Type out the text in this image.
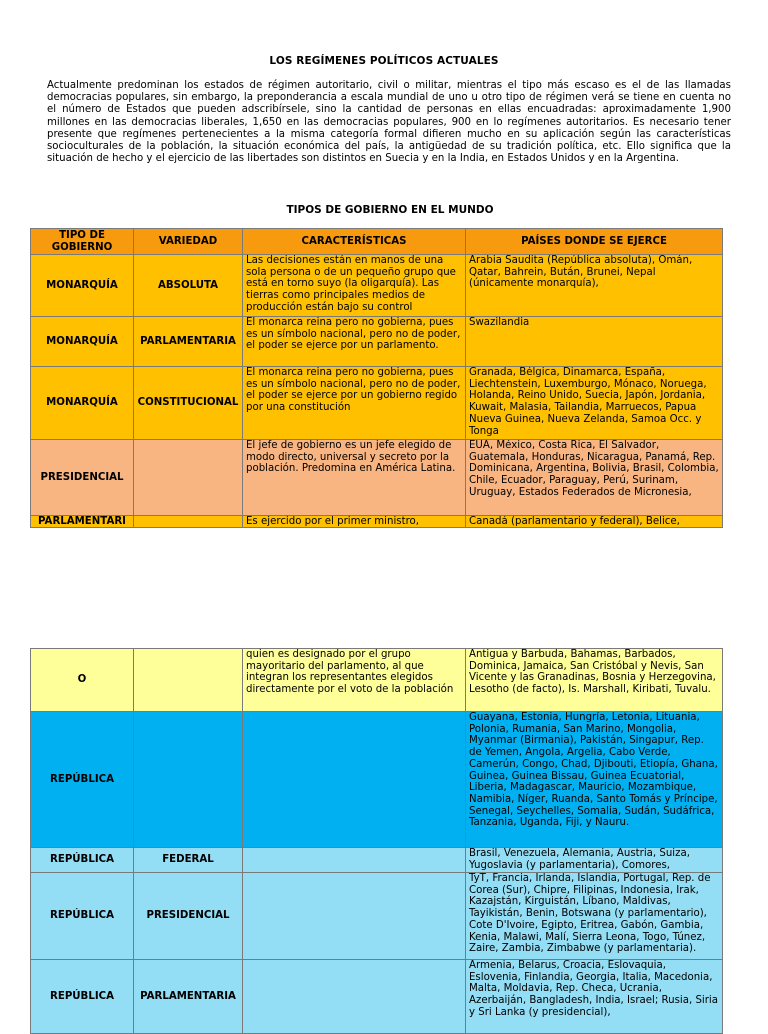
LOS REGÍMENES POLÍTICOS ACTUALES

Actualmente predominan los estados de régimen autoritario, civil o militar, mientras el tipo más escaso es el de las llamadas democracias populares, sin embargo, la preponderancia a escala mundial de uno u otro tipo de régimen verá se tiene en cuenta no el número de Estados que pueden adscribírsele, sino la cantidad de personas en ellas encuadradas: aproximadamente 1,900 millones en las democracias liberales, 1,650 en las democracias populares, 900 en lo regímenes autoritarios. Es necesario tener presente que regímenes pertenecientes a la misma categoría formal difieren mucho en su aplicación según las características socioculturales de la población, la situación económica del país, la antigüedad de su tradición política, etc. Ello significa que la situación de hecho y el ejercicio de las libertades son distintos en Suecia y en la India, en Estados Unidos y en la Argentina.

TIPOS DE GOBIERNO EN EL MUNDO
TIPO DE GOBIERNO	VARIEDAD	CARACTERÍSTICAS	PAÍSES DONDE SE EJERCE
MONARQUÍA	ABSOLUTA	Las decisiones están en manos de una sola persona o de un pequeño grupo que está en torno suyo (la oligarquía). Las tierras como principales medios de producción están bajo su control	Arabia Saudita (República absoluta), Omán, Qatar, Bahrein, Bután, Brunei, Nepal (únicamente monarquía),
MONARQUÍA	PARLAMENTARIA	El monarca reina pero no gobierna, pues es un símbolo nacional, pero no de poder, el poder se ejerce por un parlamento.	Swazilandia
MONARQUÍA	CONSTITUCIONAL	El monarca reina pero no gobierna, pues es un símbolo nacional, pero no de poder, el poder se ejerce por un gobierno regido por una constitución	Granada, Bélgica, Dinamarca, España, Liechtenstein, Luxemburgo, Mónaco, Noruega, Holanda, Reino Unido, Suecia, Japón, Jordania, Kuwait, Malasia, Tailandia, Marruecos, Papua Nueva Guinea, Nueva Zelanda, Samoa Occ. y Tonga
PRESIDENCIAL		El jefe de gobierno es un jefe elegido de modo directo, universal y secreto por la población. Predomina en América Latina.	EUA, México, Costa Rica, El Salvador, Guatemala, Honduras, Nicaragua, Panamá, Rep. Dominicana, Argentina, Bolivia, Brasil, Colombia, Chile, Ecuador, Paraguay, Perú, Surinam, Uruguay, Estados Federados de Micronesia,
PARLAMENTARI		Es ejercido por el primer ministro,	Canadá (parlamentario y federal), Belice,
O		quien es designado por el grupo mayoritario del parlamento, al que integran los representantes elegidos directamente por el voto de la población	Antigua y Barbuda, Bahamas, Barbados, Dominica, Jamaica, San Cristóbal y Nevis, San Vicente y las Granadinas, Bosnia y Herzegovina, Lesotho (de facto), Is. Marshall, Kiribati, Tuvalu.
REPÚBLICA			Guayana, Estonia, Hungría, Letonia, Lituania, Polonia, Rumania, San Marino, Mongolia, Myanmar (Birmania), Pakistán, Singapur, Rep. de Yemen, Angola, Argelia, Cabo Verde, Camerún, Congo, Chad, Djibouti, Etiopía, Ghana, Guinea, Guinea Bissau, Guinea Ecuatorial, Liberia, Madagascar, Mauricio, Mozambique, Namibia, Níger, Ruanda, Santo Tomás y Príncipe, Senegal, Seychelles, Somalia, Sudán, Sudáfrica, Tanzania, Uganda, Fiji, y Nauru.
REPÚBLICA	FEDERAL		Brasil, Venezuela, Alemania, Austria, Suiza, Yugoslavia (y parlamentaria), Comores,
REPÚBLICA	PRESIDENCIAL		TyT, Francia, Irlanda, Islandia, Portugal, Rep. de Corea (Sur), Chipre, Filipinas, Indonesia, Irak, Kazajstán, Kirguistán, Líbano, Maldivas, Tayikistán, Benin, Botswana (y parlamentario), Cote D'Ivoire, Egipto, Eritrea, Gabón, Gambia, Kenia, Malawi, Malí, Sierra Leona, Togo, Túnez, Zaire, Zambia, Zimbabwe (y parlamentaria).
REPÚBLICA	PARLAMENTARIA		Armenia, Belarus, Croacia, Eslovaquia, Eslovenia, Finlandia, Georgia, Italia, Macedonia, Malta, Moldavia, Rep. Checa, Ucrania, Azerbaiján, Bangladesh, India, Israel; Rusia, Siria y Sri Lanka (y presidencial),
